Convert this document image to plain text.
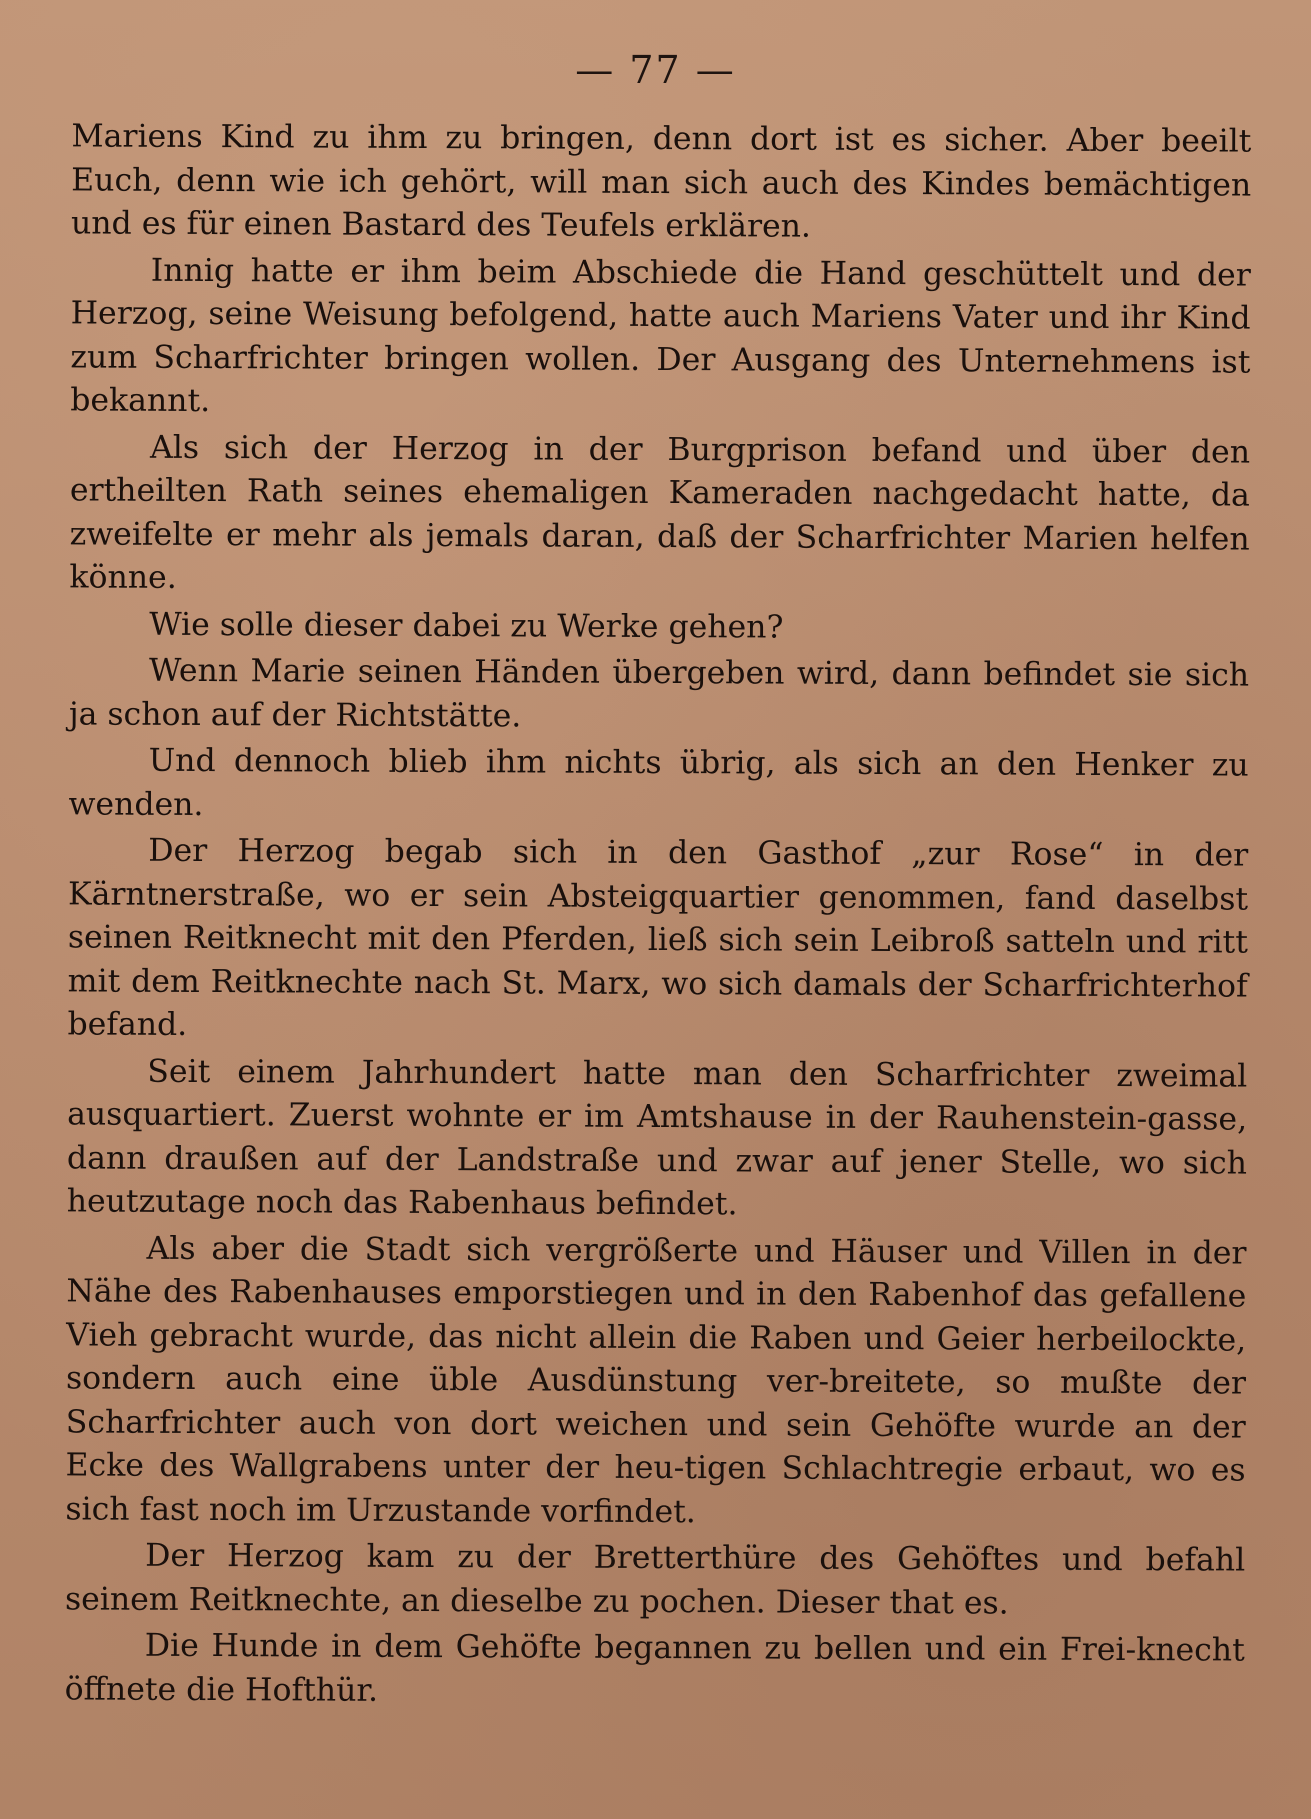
— 77 —

Mariens Kind zu ihm zu bringen, denn dort ist es sicher. Aber beeilt Euch, denn wie ich gehört, will man sich auch des Kindes bemächtigen und es für einen Bastard des Teufels erklären.

Innig hatte er ihm beim Abschiede die Hand geschüttelt und der Herzog, seine Weisung befolgend, hatte auch Mariens Vater und ihr Kind zum Scharfrichter bringen wollen. Der Ausgang des Unternehmens ist bekannt.

Als sich der Herzog in der Burgprison befand und über den ertheilten Rath seines ehemaligen Kameraden nachgedacht hatte, da zweifelte er mehr als jemals daran, daß der Scharfrichter Marien helfen könne.

Wie solle dieser dabei zu Werke gehen?

Wenn Marie seinen Händen übergeben wird, dann befindet sie sich ja schon auf der Richtstätte.

Und dennoch blieb ihm nichts übrig, als sich an den Henker zu wenden.

Der Herzog begab sich in den Gasthof „zur Rose“ in der Kärntnerstraße, wo er sein Absteigquartier genommen, fand daselbst seinen Reitknecht mit den Pferden, ließ sich sein Leibroß satteln und ritt mit dem Reitknechte nach St. Marx, wo sich damals der Scharfrichterhof befand.

Seit einem Jahrhundert hatte man den Scharfrichter zweimal ausquartiert. Zuerst wohnte er im Amtshause in der Rauhenstein-gasse, dann draußen auf der Landstraße und zwar auf jener Stelle, wo sich heutzutage noch das Rabenhaus befindet.

Als aber die Stadt sich vergrößerte und Häuser und Villen in der Nähe des Rabenhauses emporstiegen und in den Rabenhof das gefallene Vieh gebracht wurde, das nicht allein die Raben und Geier herbeilockte, sondern auch eine üble Ausdünstung ver-breitete, so mußte der Scharfrichter auch von dort weichen und sein Gehöfte wurde an der Ecke des Wallgrabens unter der heu-tigen Schlachtregie erbaut, wo es sich fast noch im Urzustande vorfindet.

Der Herzog kam zu der Bretterthüre des Gehöftes und befahl seinem Reitknechte, an dieselbe zu pochen. Dieser that es.

Die Hunde in dem Gehöfte begannen zu bellen und ein Frei-knecht öffnete die Hofthür.
